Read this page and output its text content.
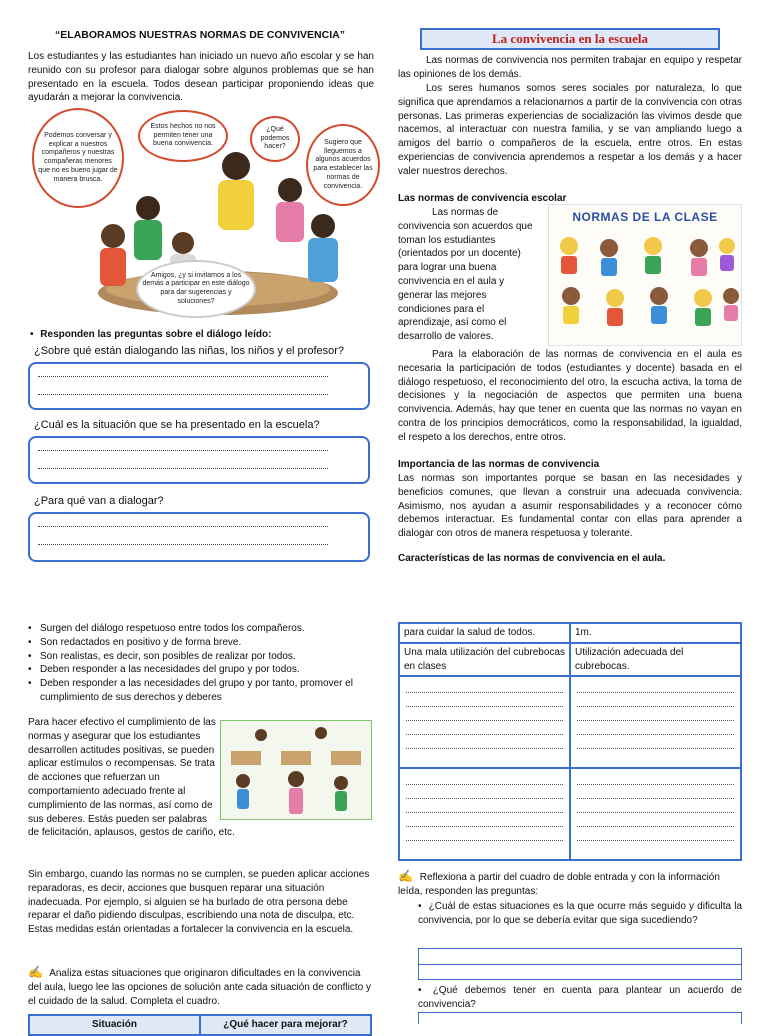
“ELABORAMOS NUESTRAS NORMAS DE CONVIVENCIA”

Los estudiantes y las estudiantes han iniciado un nuevo año escolar y se han reunido con su profesor para dialogar sobre algunos problemas que se han presentado en la escuela. Todos desean participar proponiendo ideas que ayudarán a mejorar la convivencia.

Podemos conversar y explicar a nuestros compañeros y nuestras compañeras menores que no es bueno jugar de manera brusca.
Estos hechos no nos permiten tener una buena convivencia.
¿Qué podemos hacer?
Sugiero que lleguemos a algunos acuerdos para establecer las normas de convivencia.
Amigos, ¿y si invitamos a los demás a participar en este diálogo para dar sugerencias y soluciones?
• Responden las preguntas sobre el diálogo leído:
¿Sobre qué están dialogando las niñas, los niños y el profesor?
¿Cuál es la situación que se ha presentado en la escuela?
¿Para qué van a dialogar?
La convivencia en la escuela

Las normas de convivencia nos permiten trabajar en equipo y respetar las opiniones de los demás.

Los seres humanos somos seres sociales por naturaleza, lo que significa que aprendamos a relacionarnos a partir de la convivencia con otras personas. Las primeras experiencias de socialización las vivimos desde que nacemos, al interactuar con nuestra familia, y se van ampliando luego a amigos del barrio o compañeros de la escuela, entre otros. En estas experiencias de convivencia aprendemos a respetar a los demás y a hacer valer nuestros derechos.

Las normas de convivencia escolar

Las normas de convivencia son acuerdos que toman los estudiantes (orientados por un docente) para lograr una buena convivencia en el aula y generar las mejores condiciones para el aprendizaje, así como el desarrollo de valores.

NORMAS DE LA CLASE

Para la elaboración de las normas de convivencia en el aula es necesaria la participación de todos (estudiantes y docente) basada en el diálogo respetuoso, el reconocimiento del otro, la escucha activa, la toma de decisiones y la negociación de aspectos que permiten una buena convivencia. Además, hay que tener en cuenta que las normas no vayan en contra de los principios democráticos, como la responsabilidad, la igualdad, el respeto a los derechos, entre otros.

Importancia de las normas de convivencia

Las normas son importantes porque se basan en las necesidades y beneficios comunes, que llevan a construir una adecuada convivencia. Asimismo, nos ayudan a asumir responsabilidades y a reconocer cómo debemos interactuar. Es fundamental contar con ellas para aprender a dialogar con otros de manera respetuosa y tolerante.

Características de las normas de convivencia en el aula.
• Surgen del diálogo respetuoso entre todos los compañeros.
• Son redactados en positivo y de forma breve.
• Son realistas, es decir, son posibles de realizar por todos.
• Deben responder a las necesidades del grupo y por todos.
• Deben responder a las necesidades del grupo y por tanto, promover el cumplimiento de sus derechos y deberes

Para hacer efectivo el cumplimiento de las normas y asegurar que los estudiantes desarrollen actitudes positivas, se pueden aplicar estímulos o recompensas. Se trata de acciones que refuerzan un comportamiento adecuado frente al cumplimiento de las normas, así como de sus deberes. Estás pueden ser palabras de felicitación, aplausos, gestos de cariño, etc.

Sin embargo, cuando las normas no se cumplen, se pueden aplicar acciones reparadoras, es decir, acciones que busquen reparar una situación inadecuada. Por ejemplo, si alguien se ha burlado de otra persona debe reparar el daño pidiendo disculpas, escribiendo una nota de disculpa, etc. Estas medidas están orientadas a fortalecer la convivencia en la escuela.

✍ Analiza estas situaciones que originaron dificultades en la convivencia del aula, luego lee las opciones de solución ante cada situación de conflicto y el cuidado de la salud. Completa el cuadro.
Situación	¿Qué hacer para mejorar?
para cuidar la salud de todos.	1m.
Una mala utilización del cubrebocas en clases	Utilización adecuada del cubrebocas.

✍ Reflexiona a partir del cuadro de doble entrada y con la información leída, responden las preguntas:
• ¿Cuál de estas situaciones es la que ocurre más seguido y dificulta la convivencia, por lo que se debería evitar que siga sucediendo?
• ¿Qué debemos tener en cuenta para plantear un acuerdo de convivencia?
